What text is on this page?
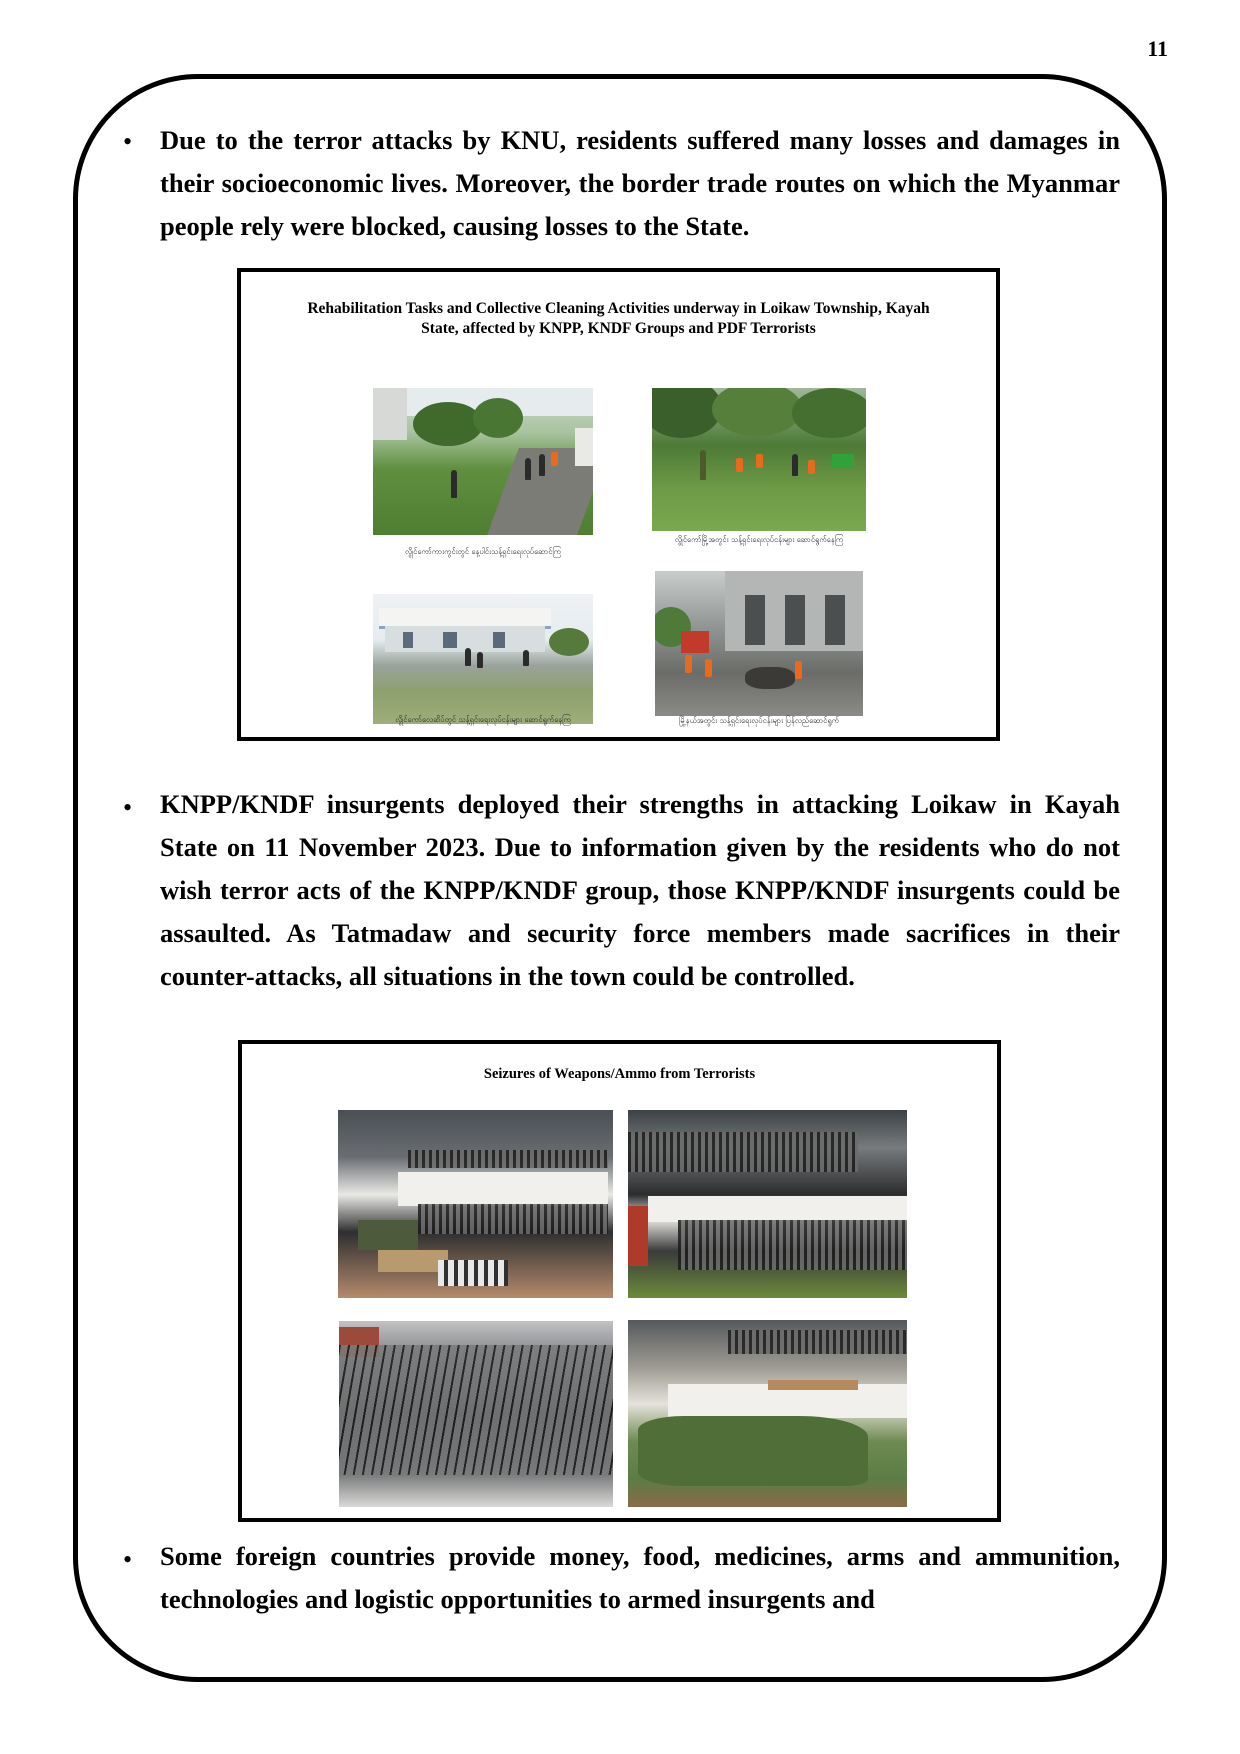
11
• Due to the terror attacks by KNU, residents suffered many losses and damages in their socioeconomic lives. Moreover, the border trade routes on which the Myanmar people rely were blocked, causing losses to the State.

Rehabilitation Tasks and Collective Cleaning Activities underway in Loikaw Township, Kayah

State, affected by KNPP, KNDF Groups and PDF Terrorists

လွိုင်ကော်ကားကွင်းတွင် နေ့ပါင်းသန့်ရှင်းရေးလုပ်ဆောင်ကြ
လွိုင်ကော်မြို့အတွင်း သန့်ရှင်းရေးလုပ်ငန်းများ ဆောင်ရွက်နေကြ
လွိုင်ကော်လေဆိပ်တွင် သန့်ရှင်းရေးလုပ်ငန်းများ ဆောင်ရွက်နေကြ	မြို့နယ်အတွင်း သန့်ရှင်းရေးလုပ်ငန်းများ ပြန်လည်ဆောင်ရွက်
• KNPP/KNDF insurgents deployed their strengths in attacking Loikaw in Kayah State on 11 November 2023. Due to information given by the residents who do not wish terror acts of the KNPP/KNDF group, those KNPP/KNDF insurgents could be assaulted. As Tatmadaw and security force members made sacrifices in their counter-attacks, all situations in the town could be controlled.

Seizures of Weapons/Ammo from Terrorists

• Some foreign countries provide money, food, medicines, arms and ammunition, technologies and logistic opportunities to armed insurgents and
